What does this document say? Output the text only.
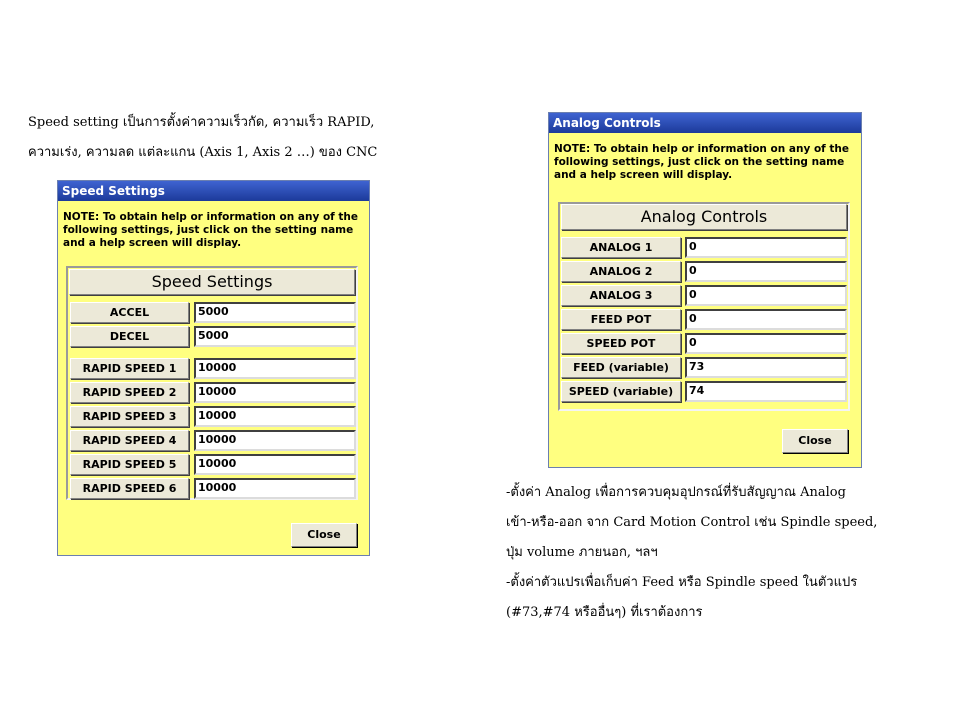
Speed setting เป็นการตั้งค่าความเร็วกัด, ความเร็ว RAPID,
ความเร่ง, ความลด แต่ละแกน (Axis 1, Axis 2 …) ของ CNC
Speed Settings
NOTE: To obtain help or information on any of the following settings, just click on the setting name and a help screen will display.
Speed Settings
ACCEL	5000
DECEL	5000
RAPID SPEED 1	10000
RAPID SPEED 2	10000
RAPID SPEED 3	10000
RAPID SPEED 4	10000
RAPID SPEED 5	10000
RAPID SPEED 6	10000
Close
Analog Controls
NOTE: To obtain help or information on any of the following settings, just click on the setting name and a help screen will display.
Analog Controls
ANALOG 1	0
ANALOG 2	0
ANALOG 3	0
FEED POT	0
SPEED POT	0
FEED (variable)	73
SPEED (variable)	74
Close
-ตั้งค่า Analog เพื่อการควบคุมอุปกรณ์ที่รับสัญญาณ Analog
เข้า-หรือ-ออก จาก Card Motion Control เช่น Spindle speed,
ปุ่ม volume ภายนอก, ฯลฯ
-ตั้งค่าตัวแปรเพื่อเก็บค่า Feed หรือ Spindle speed ในตัวแปร
(#73,#74 หรืออื่นๆ) ที่เราต้องการ
